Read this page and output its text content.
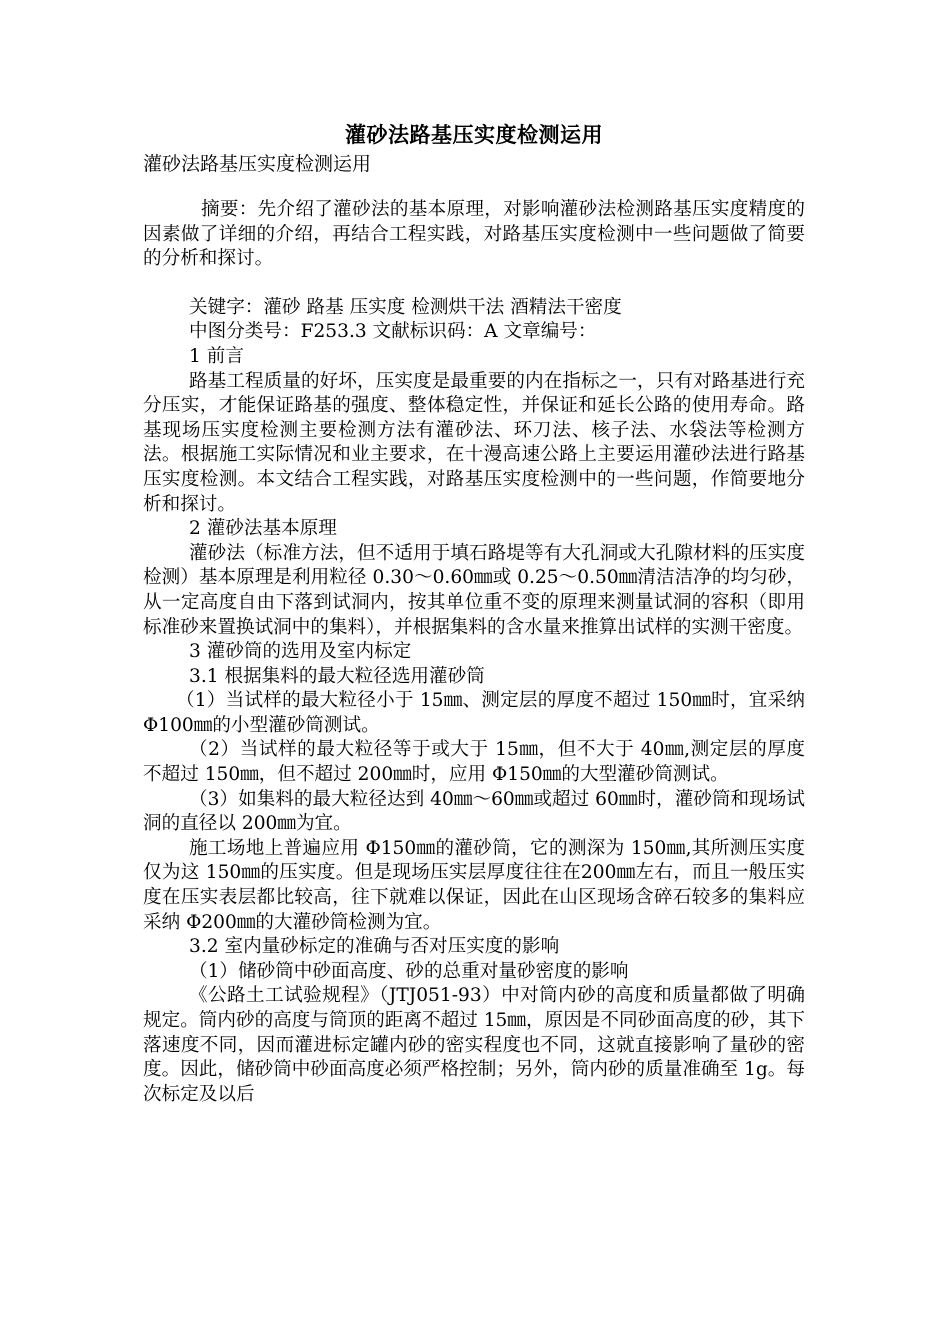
灌砂法路基压实度检测运用
灌砂法路基压实度检测运用

摘要：先介绍了灌砂法的基本原理，对影响灌砂法检测路基压实度精度的因素做了详细的介绍，再结合工程实践，对路基压实度检测中一些问题做了简要的分析和探讨。

关键字：灌砂 路基 压实度 检测烘干法 酒精法干密度

中图分类号：F253.3 文献标识码：A 文章编号：

1 前言

路基工程质量的好坏，压实度是最重要的内在指标之一，只有对路基进行充分压实，才能保证路基的强度、整体稳定性，并保证和延长公路的使用寿命。路基现场压实度检测主要检测方法有灌砂法、环刀法、核子法、水袋法等检测方法。根据施工实际情况和业主要求，在十漫高速公路上主要运用灌砂法进行路基压实度检测。本文结合工程实践，对路基压实度检测中的一些问题，作简要地分析和探讨。

2 灌砂法基本原理

灌砂法（标准方法，但不适用于填石路堤等有大孔洞或大孔隙材料的压实度检测）基本原理是利用粒径 0.30～0.60㎜或 0.25～0.50㎜清洁洁净的均匀砂，从一定高度自由下落到试洞内，按其单位重不变的原理来测量试洞的容积（即用标准砂来置换试洞中的集料），并根据集料的含水量来推算出试样的实测干密度。

3 灌砂筒的选用及室内标定

3.1 根据集料的最大粒径选用灌砂筒

（1）当试样的最大粒径小于 15㎜、测定层的厚度不超过 150㎜时，宜采纳 Φ100㎜的小型灌砂筒测试。

（2）当试样的最大粒径等于或大于 15㎜，但不大于 40㎜,测定层的厚度不超过 150㎜，但不超过 200㎜时，应用 Φ150㎜的大型灌砂筒测试。

（3）如集料的最大粒径达到 40㎜～60㎜或超过 60㎜时，灌砂筒和现场试洞的直径以 200㎜为宜。

施工场地上普遍应用 Φ150㎜的灌砂筒，它的测深为 150㎜,其所测压实度仅为这 150㎜的压实度。但是现场压实层厚度往往在200㎜左右，而且一般压实度在压实表层都比较高，往下就难以保证，因此在山区现场含碎石较多的集料应采纳 Φ200㎜的大灌砂筒检测为宜。

3.2 室内量砂标定的准确与否对压实度的影响

（1）储砂筒中砂面高度、砂的总重对量砂密度的影响

《公路土工试验规程》（JTJ051-93）中对筒内砂的高度和质量都做了明确规定。筒内砂的高度与筒顶的距离不超过 15㎜，原因是不同砂面高度的砂，其下落速度不同，因而灌进标定罐内砂的密实程度也不同，这就直接影响了量砂的密度。因此，储砂筒中砂面高度必须严格控制；另外，筒内砂的质量准确至 1g。每次标定及以后
